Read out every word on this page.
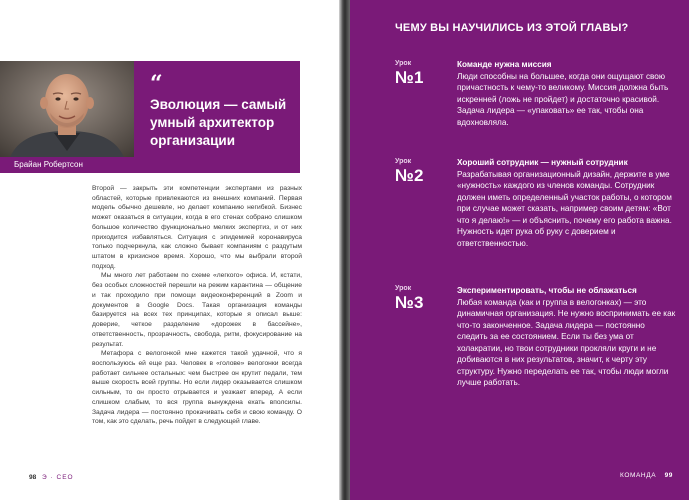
Брайан Робертсон
“
Эволюция — самый умный архитектор организации

Второй — закрыть эти компетенции экспертами из разных областей, которые привлекаются из внешних компаний. Первая модель обычно дешевле, но делает компанию негибкой. Бизнес может оказаться в ситуации, когда в его стенах собрано слишком большое количество функционально мелких экспертиз, и от них приходится избавляться. Ситуация с эпидемией коронавируса только подчеркнула, как сложно бывает компаниям с раздутым штатом в кризисное время. Хорошо, что мы выбрали второй подход.

Мы много лет работаем по схеме «легкого» офиса. И, кстати, без особых сложностей перешли на режим карантина — общение и так проходило при помощи видеоконференций в Zoom и документов в Google Docs. Такая организация команды базируется на всех тех принципах, которые я описал выше: доверие, четкое разделение «дорожек в бассейне», ответственность, прозрачность, свобода, ритм, фокусирование на результат.

Метафора с велогонкой мне кажется такой удачной, что я воспользуюсь ей еще раз. Человек в «голове» велогонки всегда работает сильнее остальных: чем быстрее он крутит педали, тем выше скорость всей группы. Но если лидер оказывается слишком сильным, то он просто отрывается и уезжает вперед. А если слишком слабым, то вся группа вынуждена ехать вполсилы. Задача лидера — постоянно прокачивать себя и свою команду. О том, как это сделать, речь пойдет в следующей главе.

98 Э · CEO
ЧЕМУ ВЫ НАУЧИЛИСЬ ИЗ ЭТОЙ ГЛАВЫ?
Урок
№1
Команде нужна миссия
Люди способны на большее, когда они ощущают свою причастность к чему-то великому. Миссия должна быть искренней (ложь не пройдет) и достаточно красивой. Задача лидера — «упаковать» ее так, чтобы она вдохновляла.
Урок
№2
Хороший сотрудник — нужный сотрудник
Разрабатывая организационный дизайн, держите в уме «нужность» каждого из членов команды. Сотрудник должен иметь определенный участок работы, о котором при случае может сказать, например своим детям: «Вот что я делаю!» — и объяснить, почему его работа важна. Нужность идет рука об руку с доверием и ответственностью.
Урок
№3
Экспериментировать, чтобы не облажаться
Любая команда (как и группа в велогонках) — это динамичная организация. Не нужно воспринимать ее как что-то законченное. Задача лидера — постоянно следить за ее состоянием. Если ты без ума от холакратии, но твои сотрудники прокляли круги и не добиваются в них результатов, значит, к черту эту структуру. Нужно переделать ее так, чтобы люди могли лучше работать.
КОМАНДА 99
